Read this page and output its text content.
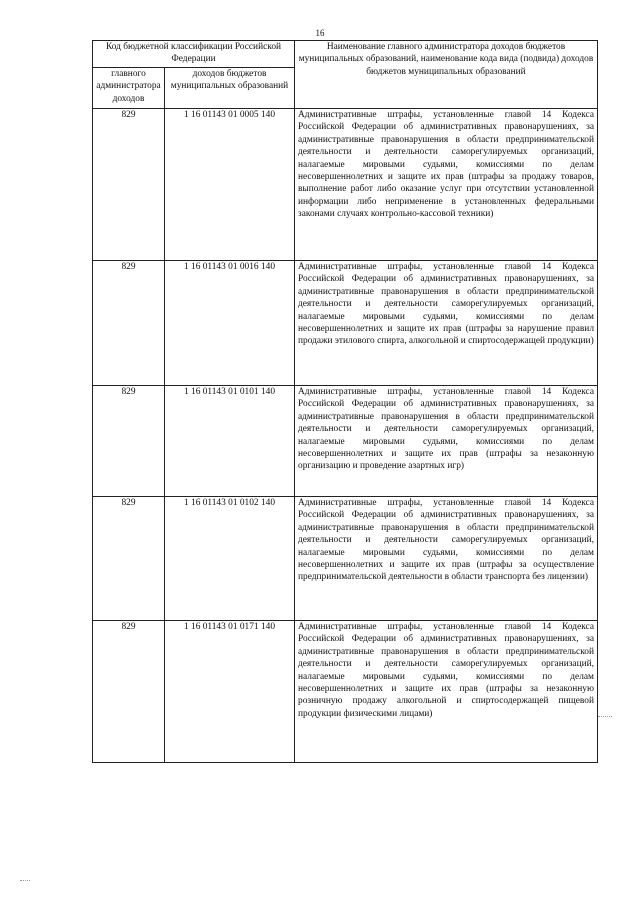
16
Код бюджетной классификации Российской Федерации		Наименование главного администратора доходов бюджетов муниципальных образований, наименование кода вида (подвида) доходов бюджетов муниципальных образований
главного администратора доходов	доходов бюджетов муниципальных образований	
829	1 16 01143 01 0005 140	Административные штрафы, установленные главой 14 Кодекса Российской Федерации об административных правонарушениях, за административные правонарушения в области предпринимательской деятельности и деятельности саморегулируемых организаций, налагаемые мировыми судьями, комиссиями по делам несовершеннолетних и защите их прав (штрафы за продажу товаров, выполнение работ либо оказание услуг при отсутствии установленной информации либо неприменение в установленных федеральными законами случаях контрольно-кассовой техники)
829	1 16 01143 01 0016 140	Административные штрафы, установленные главой 14 Кодекса Российской Федерации об административных правонарушениях, за административные правонарушения в области предпринимательской деятельности и деятельности саморегулируемых организаций, налагаемые мировыми судьями, комиссиями по делам несовершеннолетних и защите их прав (штрафы за нарушение правил продажи этилового спирта, алкогольной и спиртосодержащей продукции)
829	1 16 01143 01 0101 140	Административные штрафы, установленные главой 14 Кодекса Российской Федерации об административных правонарушениях, за административные правонарушения в области предпринимательской деятельности и деятельности саморегулируемых организаций, налагаемые мировыми судьями, комиссиями по делам несовершеннолетних и защите их прав (штрафы за незаконную организацию и проведение азартных игр)
829	1 16 01143 01 0102 140	Административные штрафы, установленные главой 14 Кодекса Российской Федерации об административных правонарушениях, за административные правонарушения в области предпринимательской деятельности и деятельности саморегулируемых организаций, налагаемые мировыми судьями, комиссиями по делам несовершеннолетних и защите их прав (штрафы за осуществление предпринимательской деятельности в области транспорта без лицензии)
829	1 16 01143 01 0171 140	Административные штрафы, установленные главой 14 Кодекса Российской Федерации об административных правонарушениях, за административные правонарушения в области предпринимательской деятельности и деятельности саморегулируемых организаций, налагаемые мировыми судьями, комиссиями по делам несовершеннолетних и защите их прав (штрафы за незаконную розничную продажу алкогольной и спиртосодержащей пищевой продукции физическими лицами)
